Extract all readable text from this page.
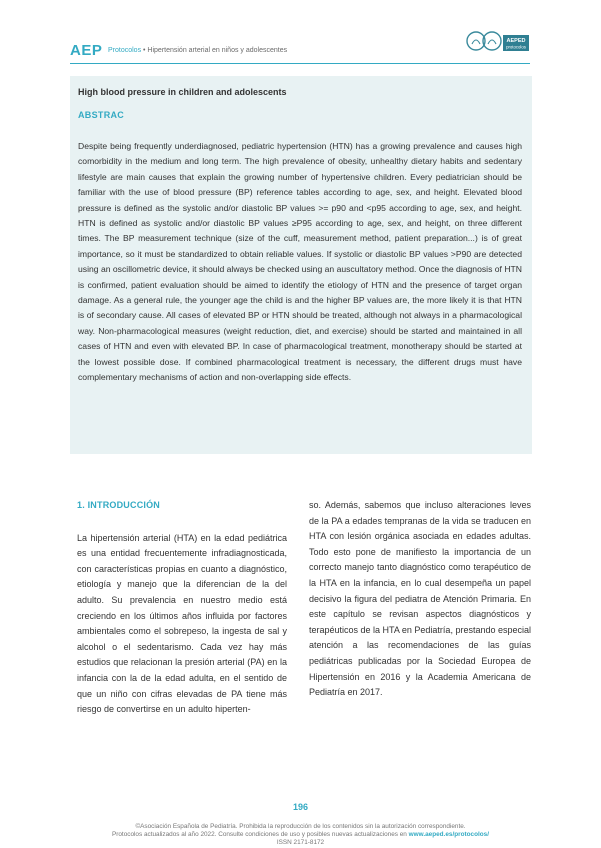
AEP Protocolos • Hipertensión arterial en niños y adolescentes
AEPED
protocolos
High blood pressure in children and adolescents
ABSTRAC
Despite being frequently underdiagnosed, pediatric hypertension (HTN) has a growing prevalence and causes high comorbidity in the medium and long term. The high prevalence of obesity, unhealthy dietary habits and sedentary lifestyle are main causes that explain the growing number of hypertensive children. Every pediatrician should be familiar with the use of blood pressure (BP) reference tables according to age, sex, and height. Elevated blood pressure is defined as the systolic and/or diastolic BP values >= p90 and <p95 according to age, sex, and height. HTN is defined as systolic and/or diastolic BP values ≥P95 according to age, sex, and height, on three different times. The BP measurement technique (size of the cuff, measurement method, patient preparation...) is of great importance, so it must be standardized to obtain reliable values. If systolic or diastolic BP values >P90 are detected using an oscillometric device, it should always be checked using an auscultatory method. Once the diagnosis of HTN is confirmed, patient evaluation should be aimed to identify the etiology of HTN and the presence of target organ damage. As a general rule, the younger age the child is and the higher BP values are, the more likely it is that HTN is of secondary cause. All cases of elevated BP or HTN should be treated, although not always in a pharmacological way. Non-pharmacological measures (weight reduction, diet, and exercise) should be started and maintained in all cases of HTN and even with elevated BP. In case of pharmacological treatment, monotherapy should be started at the lowest possible dose. If combined pharmacological treatment is necessary, the different drugs must have complementary mechanisms of action and non-overlapping side effects.
1. INTRODUCCIÓN

La hipertensión arterial (HTA) en la edad pediátrica es una entidad frecuentemente infradiagnosticada, con características propias en cuanto a diagnóstico, etiología y manejo que la diferencian de la del adulto. Su prevalencia en nuestro medio está creciendo en los últimos años influida por factores ambientales como el sobrepeso, la ingesta de sal y alcohol o el sedentarismo. Cada vez hay más estudios que relacionan la presión arterial (PA) en la infancia con la de la edad adulta, en el sentido de que un niño con cifras elevadas de PA tiene más riesgo de convertirse en un adulto hiperten-

so. Además, sabemos que incluso alteraciones leves de la PA a edades tempranas de la vida se traducen en HTA con lesión orgánica asociada en edades adultas. Todo esto pone de manifiesto la importancia de un correcto manejo tanto diagnóstico como terapéutico de la HTA en la infancia, en lo cual desempeña un papel decisivo la figura del pediatra de Atención Primaria. En este capítulo se revisan aspectos diagnósticos y terapéuticos de la HTA en Pediatría, prestando especial atención a las recomendaciones de las guías pediátricas publicadas por la Sociedad Europea de Hipertensión en 2016 y la Academia Americana de Pediatría en 2017.

196
©Asociación Española de Pediatría. Prohibida la reproducción de los contenidos sin la autorización correspondiente.
Protocolos actualizados al año 2022. Consulte condiciones de uso y posibles nuevas actualizaciones en www.aeped.es/protocolos/
ISSN 2171-8172
